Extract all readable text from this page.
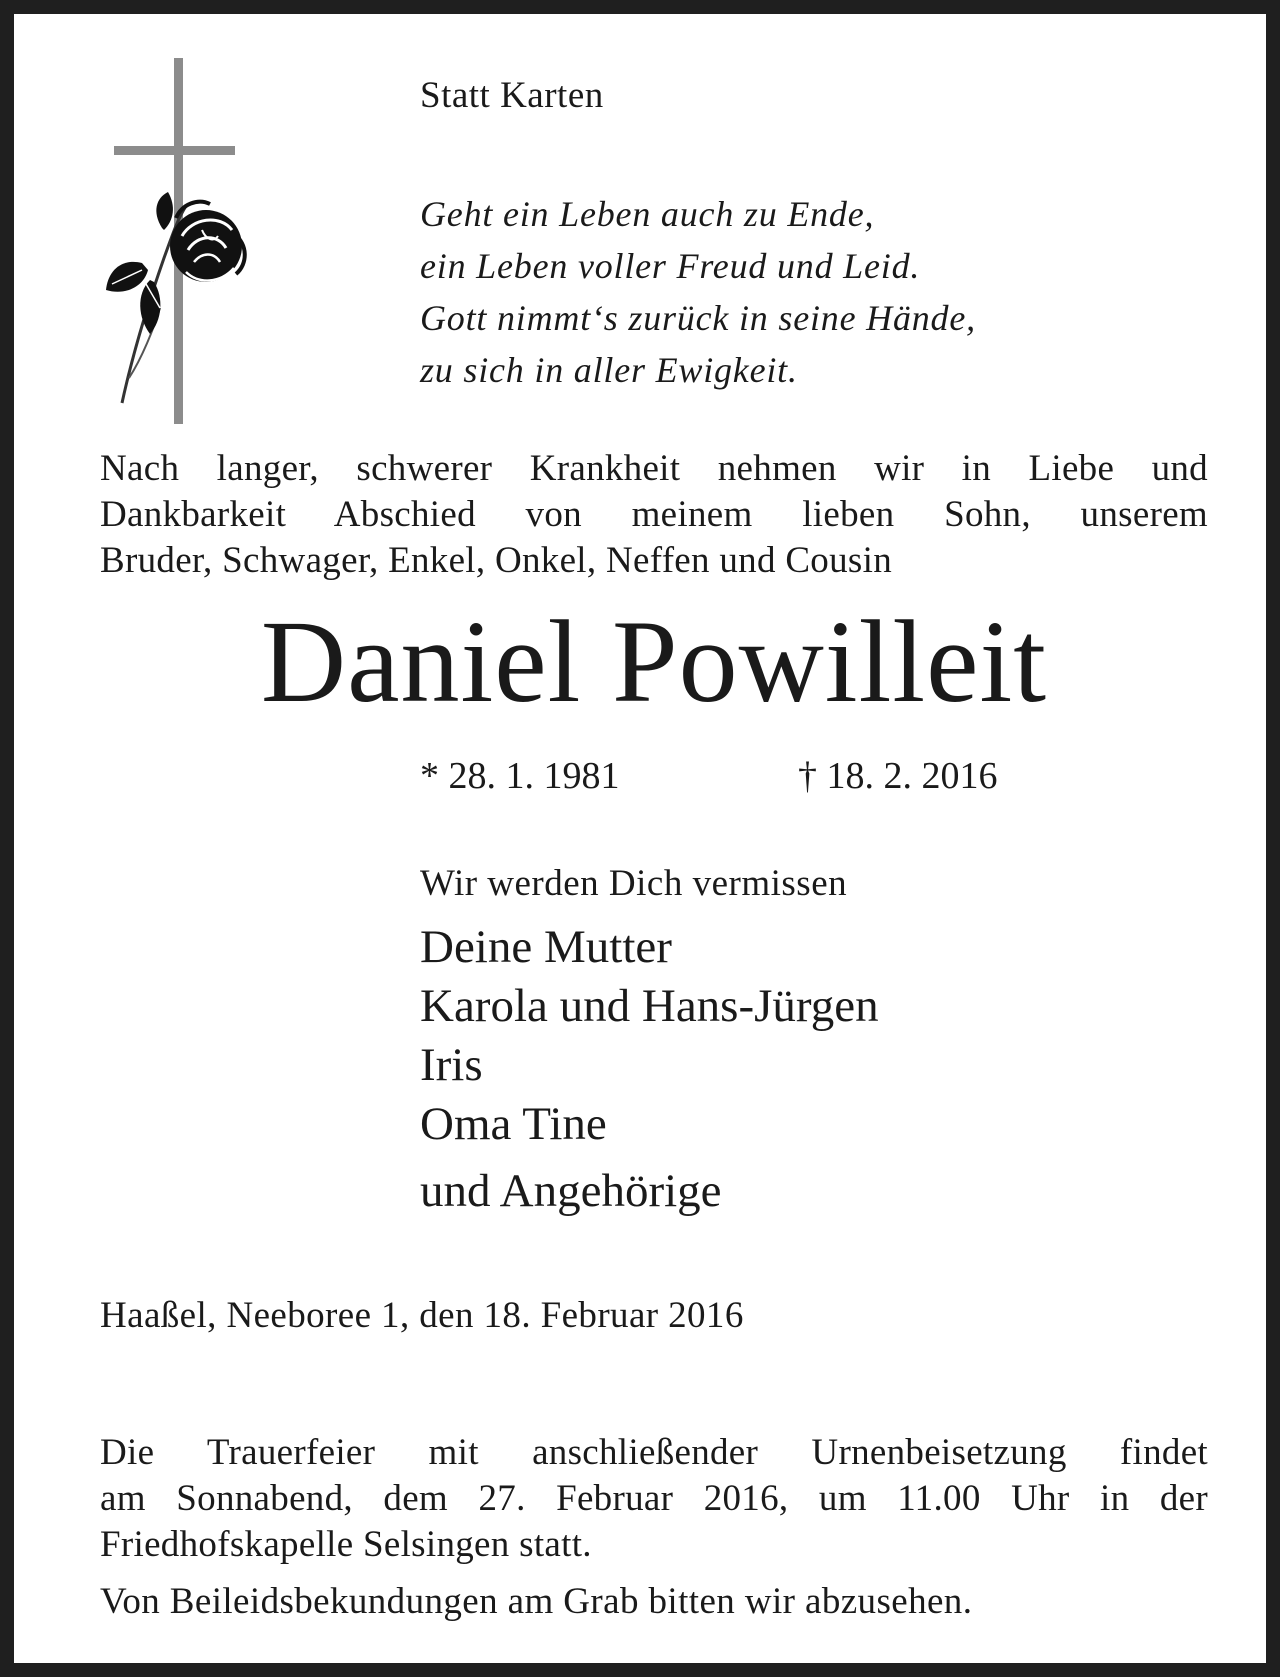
Statt Karten

Geht ein Leben auch zu Ende,
ein Leben voller Freud und Leid.
Gott nimmt‘s zurück in seine Hände,
zu sich in aller Ewigkeit.
Nach langer, schwerer Krankheit nehmen wir in Liebe und
Dankbarkeit Abschied von meinem lieben Sohn, unserem
Bruder, Schwager, Enkel, Onkel, Neffen und Cousin

Daniel Powilleit

* 28. 1. 1981	† 18. 2. 2016

Wir werden Dich vermissen

Deine Mutter
Karola und Hans-Jürgen
Iris
Oma Tine
und Angehörige

Haaßel, Neeboree 1, den 18. Februar 2016

Die Trauerfeier mit anschließender Urnenbeisetzung findet
am Sonnabend, dem 27. Februar 2016, um 11.00 Uhr in der
Friedhofskapelle Selsingen statt.

Von Beileidsbekundungen am Grab bitten wir abzusehen.
